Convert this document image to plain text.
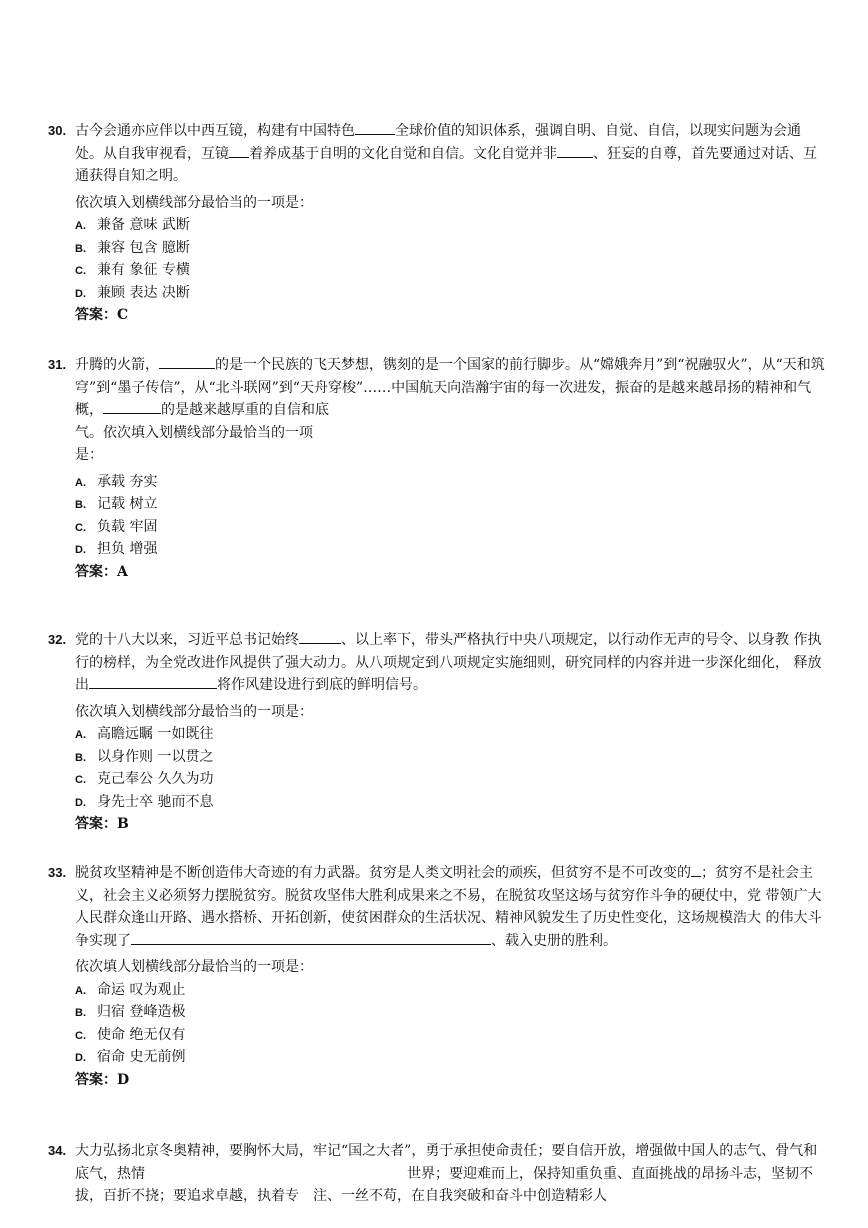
30. 古今会通亦应伴以中西互镜，构建有中国特色	全球价值的知识体系，强调自明、自觉、自信，以现实问题为会通处。从自我审视看，互镜 着养成基于自明的文化自觉和自信。文化自觉并非	、狂妄的自尊，首先要通过对话、互通获得自知之明。
依次填入划横线部分最恰当的一项是：
A. 兼备 意味 武断
B. 兼容 包含 臆断
C. 兼有 象征 专横
D. 兼顾 表达 决断
答案：C
31. 升腾的火箭，	的是一个民族的飞天梦想，镌刻的是一个国家的前行脚步。从“嫦娥奔月”到“祝融驭火”，从“天和筑穹”到“墨子传信”，从“北斗联网”到“天舟穿梭”……中国航天向浩瀚宇宙的每一次进发，振奋的是越来越昂扬的精神和气
概，	的是越来越厚重的自信和底
气。依次填入划横线部分最恰当的一项
是：
A. 承载 夯实
B. 记载 树立
C. 负载 牢固
D. 担负 增强
答案：A
32. 党的十八大以来，习近平总书记始终	、以上率下，带头严格执行中央八项规定，以行动作无声的号令、以身教 作执行的榜样，为全党改进作风提供了强大动力。从八项规定到八项规定实施细则，研究同样的内容并进一步深化细化， 释放出	将作风建设进行到底的鲜明信号。
依次填入划横线部分最恰当的一项是：
A. 高瞻远瞩 一如既往
B. 以身作则 一以贯之
C. 克己奉公 久久为功
D. 身先士卒 驰而不息
答案：B
33. 脱贫攻坚精神是不断创造伟大奇迹的有力武器。贫穷是人类文明社会的顽疾，但贫穷不是不可改变的 ；贫穷不是社会主义，社会主义必须努力摆脱贫穷。脱贫攻坚伟大胜利成果来之不易，在脱贫攻坚这场与贫穷作斗争的硬仗中，党 带领广大人民群众逢山开路、遇水搭桥、开拓创新，使贫困群众的生活状况、精神风貌发生了历史性变化，这场规模浩大 的伟大斗争实现了	、载入史册的胜利。
依次填人划横线部分最恰当的一项是：
A. 命运 叹为观止
B. 归宿 登峰造极
C. 使命 绝无仅有
D. 宿命 史无前例
答案：D
34. 大力弘扬北京冬奥精神，要胸怀大局，牢记“国之大者”，勇于承担使命责任；要自信开放，增强做中国人的志气、骨气和 底气，热情	世界；要迎难而上，保持知重负重、直面挑战的昂扬斗志，坚韧不拔，百折不挠；要追求卓越，执着专 注、一丝不苟，在自我突破和奋斗中创造精彩人
